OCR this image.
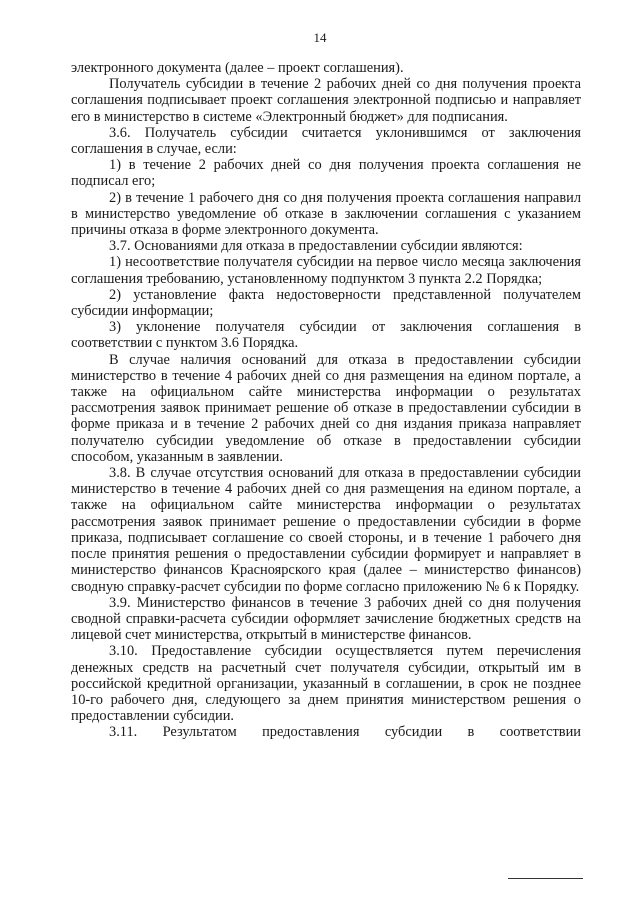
14

электронного документа (далее – проект соглашения).

Получатель субсидии в течение 2 рабочих дней со дня получения проекта соглашения подписывает проект соглашения электронной подписью и направляет его в министерство в системе «Электронный бюджет» для подписания.

3.6. Получатель субсидии считается уклонившимся от заключения соглашения в случае, если:

1) в течение 2 рабочих дней со дня получения проекта соглашения не подписал его;

2) в течение 1 рабочего дня со дня получения проекта соглашения направил в министерство уведомление об отказе в заключении соглашения с указанием причины отказа в форме электронного документа.

3.7. Основаниями для отказа в предоставлении субсидии являются:

1) несоответствие получателя субсидии на первое число месяца заключения соглашения требованию, установленному подпунктом 3 пункта 2.2 Порядка;

2) установление факта недостоверности представленной получателем субсидии информации;

3) уклонение получателя субсидии от заключения соглашения в соответствии с пунктом 3.6 Порядка.

В случае наличия оснований для отказа в предоставлении субсидии министерство в течение 4 рабочих дней со дня размещения на едином портале, а также на официальном сайте министерства информации о результатах рассмотрения заявок принимает решение об отказе в предоставлении субсидии в форме приказа и в течение 2 рабочих дней со дня издания приказа направляет получателю субсидии уведомление об отказе в предоставлении субсидии способом, указанным в заявлении.

3.8. В случае отсутствия оснований для отказа в предоставлении субсидии министерство в течение 4 рабочих дней со дня размещения на едином портале, а также на официальном сайте министерства информации о результатах рассмотрения заявок принимает решение о предоставлении субсидии в форме приказа, подписывает соглашение со своей стороны, и в течение 1 рабочего дня после принятия решения о предоставлении субсидии формирует и направляет в министерство финансов Красноярского края (далее – министерство финансов) сводную справку-расчет субсидии по форме согласно приложению № 6 к Порядку.

3.9. Министерство финансов в течение 3 рабочих дней со дня получения сводной справки-расчета субсидии оформляет зачисление бюджетных средств на лицевой счет министерства, открытый в министерстве финансов.

3.10. Предоставление субсидии осуществляется путем перечисления денежных средств на расчетный счет получателя субсидии, открытый им в российской кредитной организации, указанный в соглашении, в срок не позднее 10-го рабочего дня, следующего за днем принятия министерством решения о предоставлении субсидии.

3.11. Результатом предоставления субсидии в соответствии
